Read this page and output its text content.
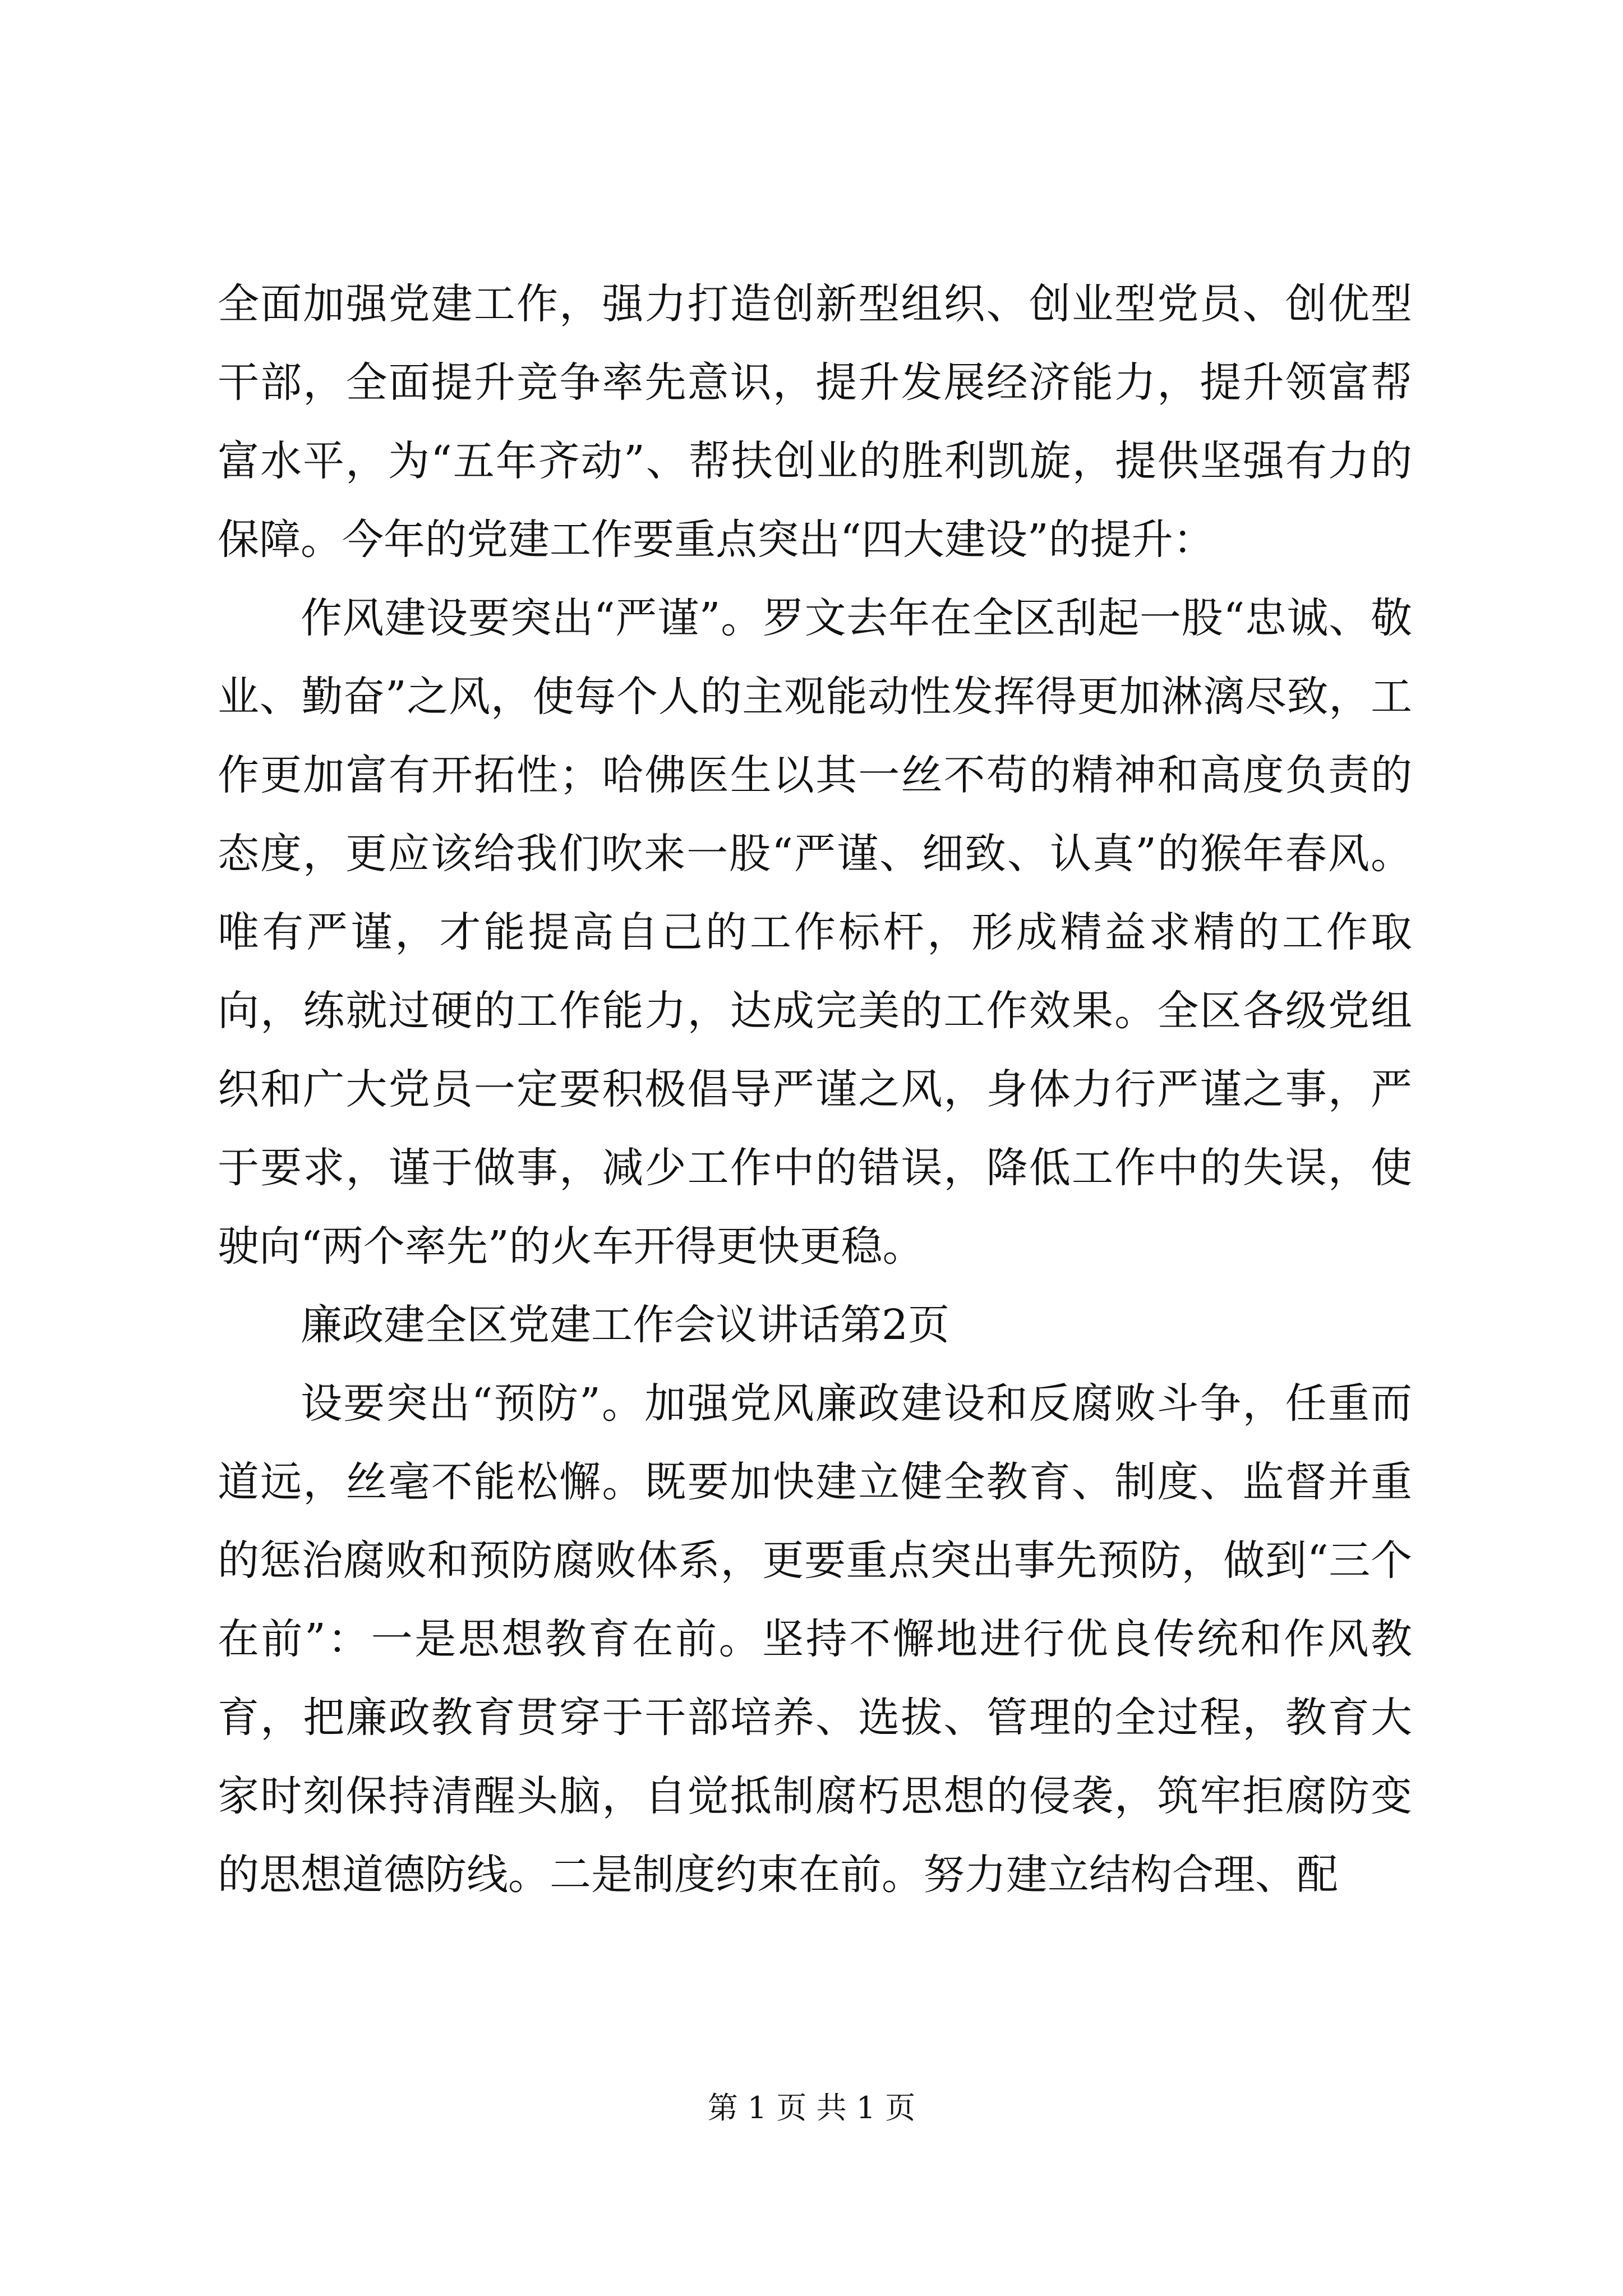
全面加强党建工作，强力打造创新型组织、创业型党员、创优型干部，全面提升竞争率先意识，提升发展经济能力，提升领富帮富水平，为“五年齐动”、帮扶创业的胜利凯旋，提供坚强有力的保障。今年的党建工作要重点突出“四大建设”的提升：

作风建设要突出“严谨”。罗文去年在全区刮起一股“忠诚、敬业、勤奋”之风，使每个人的主观能动性发挥得更加淋漓尽致，工作更加富有开拓性；哈佛医生以其一丝不苟的精神和高度负责的态度，更应该给我们吹来一股“严谨、细致、认真”的猴年春风。唯有严谨，才能提高自己的工作标杆，形成精益求精的工作取向，练就过硬的工作能力，达成完美的工作效果。全区各级党组织和广大党员一定要积极倡导严谨之风，身体力行严谨之事，严于要求，谨于做事，减少工作中的错误，降低工作中的失误，使驶向“两个率先”的火车开得更快更稳。

廉政建全区党建工作会议讲话第2页

设要突出“预防”。加强党风廉政建设和反腐败斗争，任重而道远，丝毫不能松懈。既要加快建立健全教育、制度、监督并重的惩治腐败和预防腐败体系，更要重点突出事先预防，做到“三个在前”：一是思想教育在前。坚持不懈地进行优良传统和作风教育，把廉政教育贯穿于干部培养、选拔、管理的全过程，教育大家时刻保持清醒头脑，自觉抵制腐朽思想的侵袭，筑牢拒腐防变的思想道德防线。二是制度约束在前。努力建立结构合理、配

第 1 页 共 1 页
